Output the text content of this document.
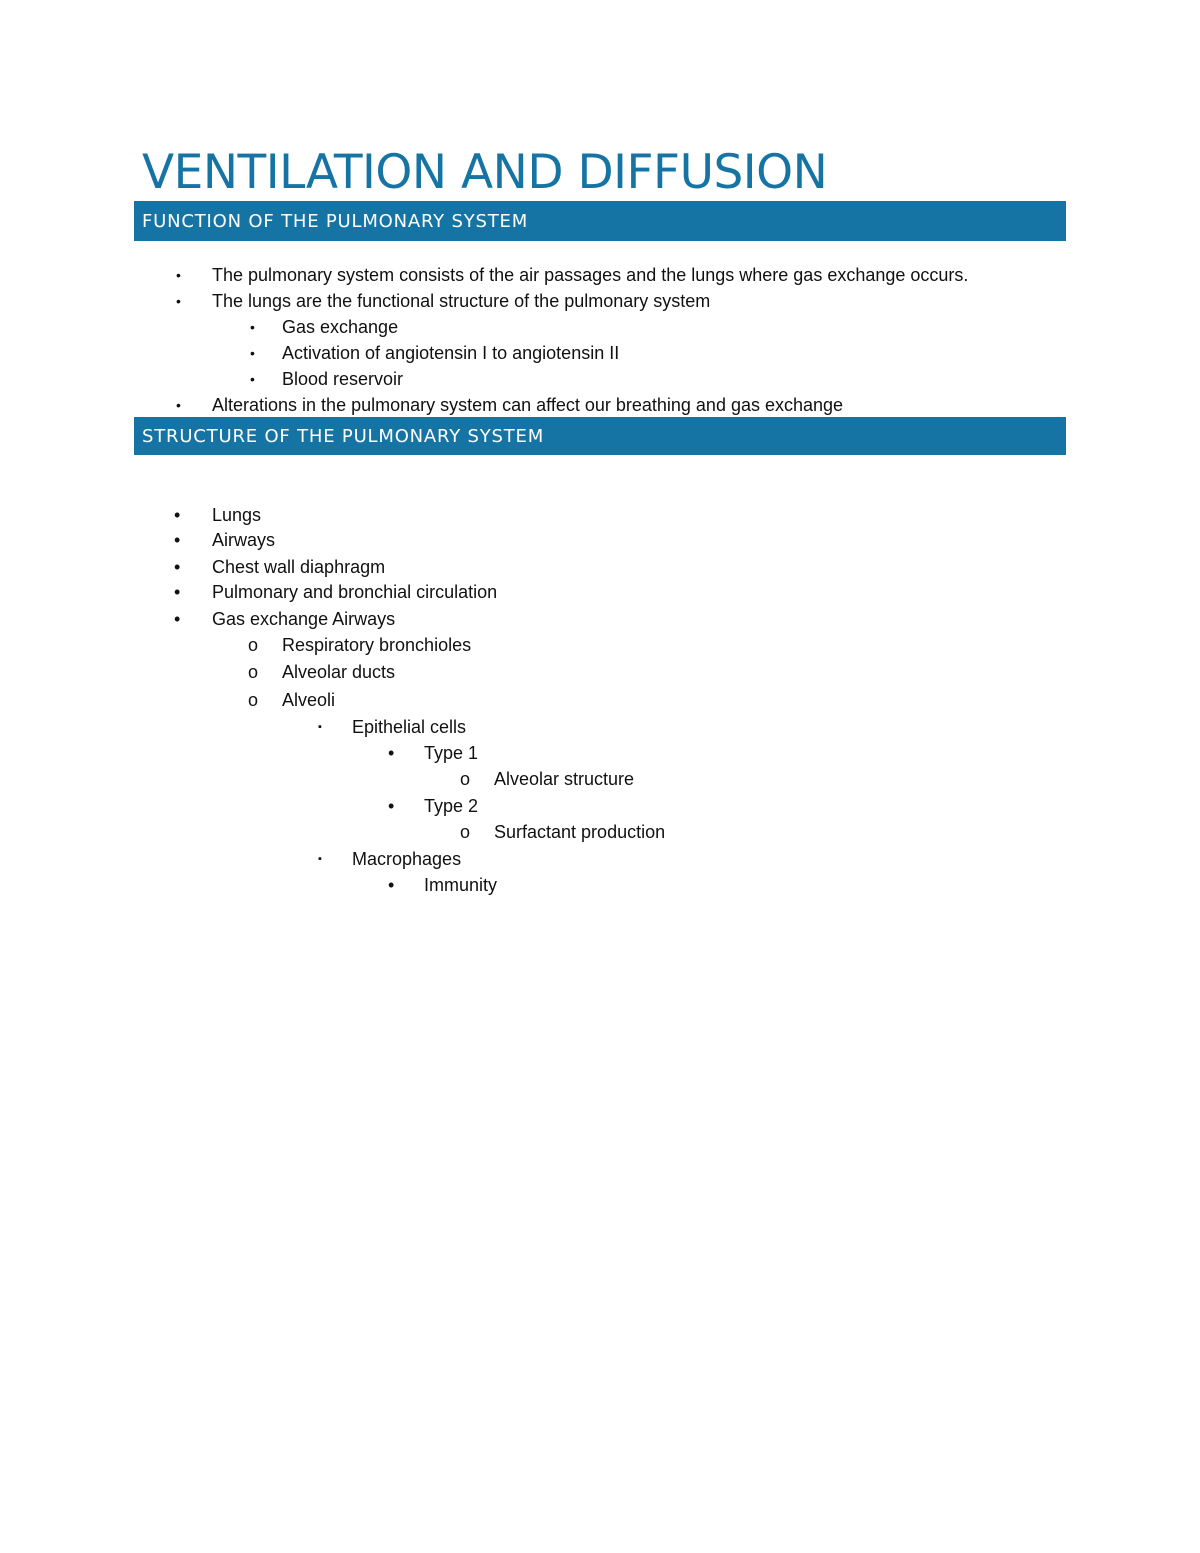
VENTILATION AND DIFFUSION
FUNCTION OF THE PULMONARY SYSTEM
• The pulmonary system consists of the air passages and the lungs where gas exchange occurs.
• The lungs are the functional structure of the pulmonary system
• Gas exchange
• Activation of angiotensin I to angiotensin II
• Blood reservoir
• Alterations in the pulmonary system can affect our breathing and gas exchange
STRUCTURE OF THE PULMONARY SYSTEM
• Lungs
• Airways
• Chest wall diaphragm
• Pulmonary and bronchial circulation
• Gas exchange Airways
o Respiratory bronchioles
o Alveolar ducts
o Alveoli
▪ Epithelial cells
• Type 1
o Alveolar structure
• Type 2
o Surfactant production
▪ Macrophages
• Immunity
